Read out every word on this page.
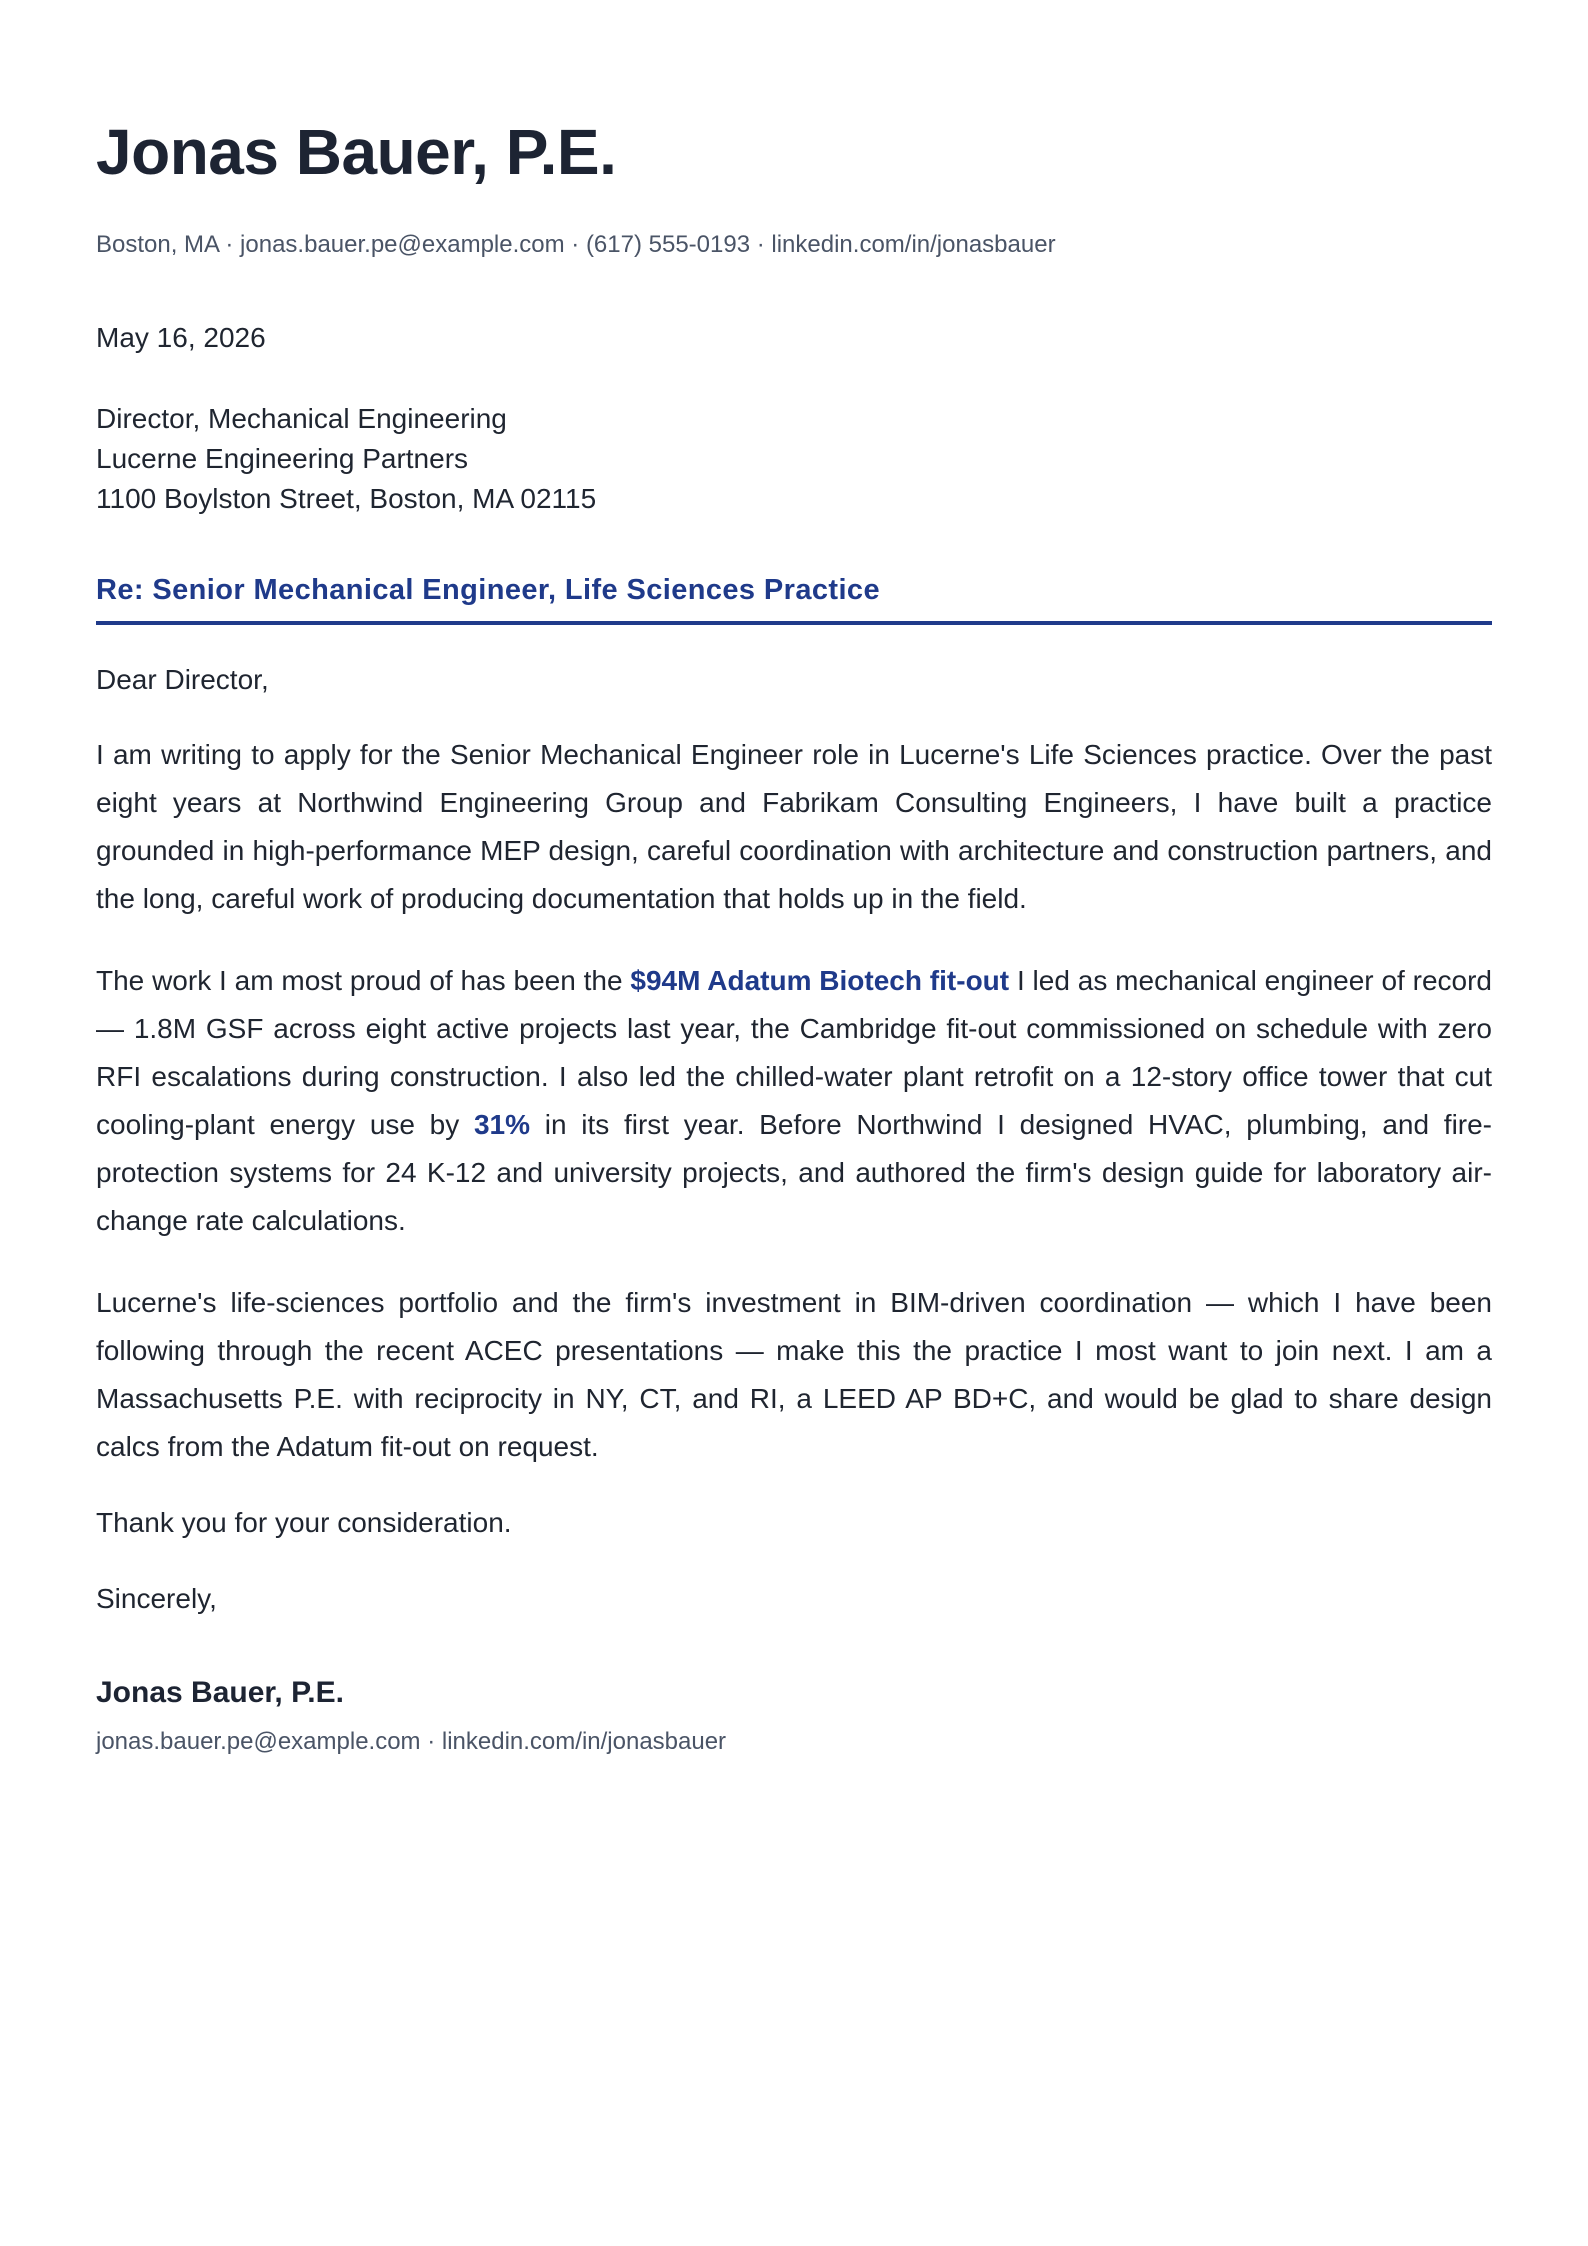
Jonas Bauer, P.E.
Boston, MA · jonas.bauer.pe@example.com · (617) 555-0193 · linkedin.com/in/jonasbauer
May 16, 2026
Director, Mechanical Engineering
Lucerne Engineering Partners
1100 Boylston Street, Boston, MA 02115
Re: Senior Mechanical Engineer, Life Sciences Practice
Dear Director,

I am writing to apply for the Senior Mechanical Engineer role in Lucerne's Life Sciences practice. Over the past eight years at Northwind Engineering Group and Fabrikam Consulting Engineers, I have built a practice grounded in high-performance MEP design, careful coordination with architecture and construction partners, and the long, careful work of producing documentation that holds up in the field.

The work I am most proud of has been the $94M Adatum Biotech fit-out I led as mechanical engineer of record — 1.8M GSF across eight active projects last year, the Cambridge fit-out commissioned on schedule with zero RFI escalations during construction. I also led the chilled-water plant retrofit on a 12-story office tower that cut cooling-plant energy use by 31% in its first year. Before Northwind I designed HVAC, plumbing, and fire-protection systems for 24 K-12 and university projects, and authored the firm's design guide for laboratory air-change rate calculations.

Lucerne's life-sciences portfolio and the firm's investment in BIM-driven coordination — which I have been following through the recent ACEC presentations — make this the practice I most want to join next. I am a Massachusetts P.E. with reciprocity in NY, CT, and RI, a LEED AP BD+C, and would be glad to share design calcs from the Adatum fit-out on request.

Thank you for your consideration.
Sincerely,
Jonas Bauer, P.E.
jonas.bauer.pe@example.com · linkedin.com/in/jonasbauer
